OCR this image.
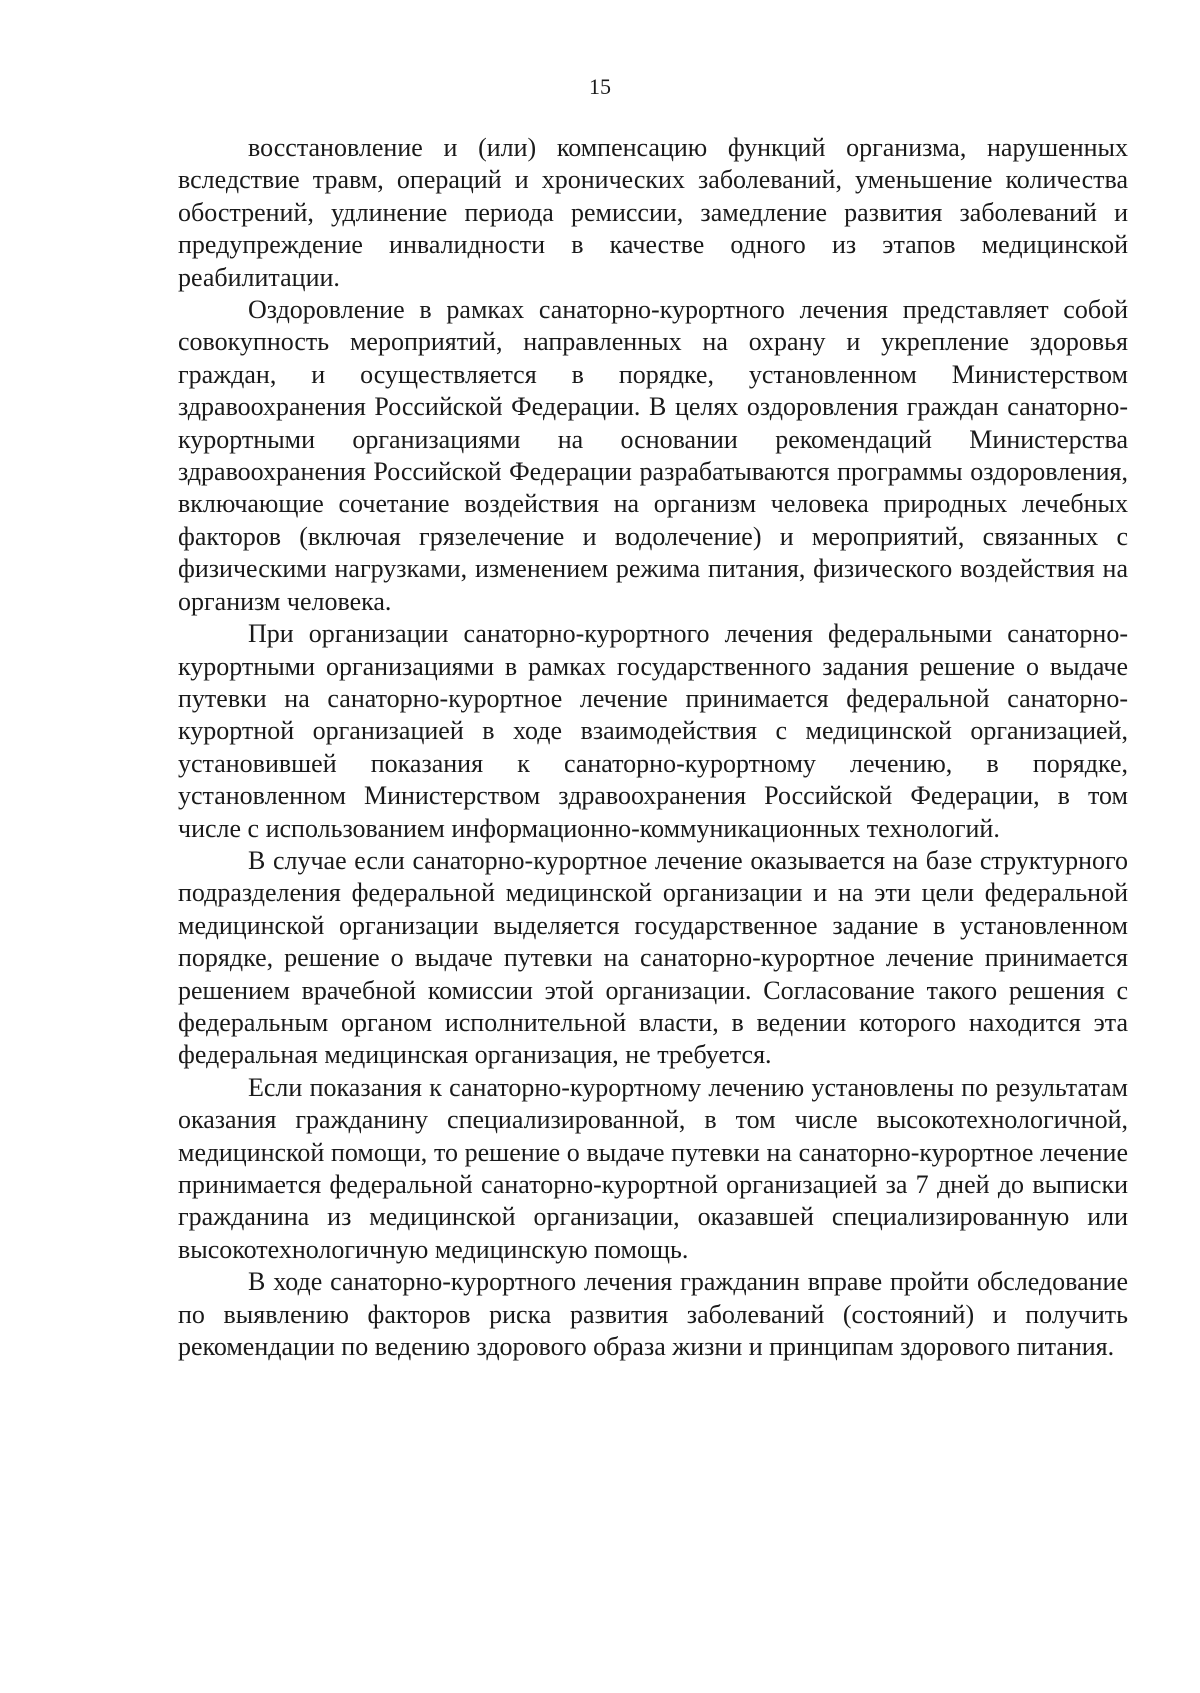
15

восстановление и (или) компенсацию функций организма, нарушенных вследствие травм, операций и хронических заболеваний, уменьшение количества обострений, удлинение периода ремиссии, замедление развития заболеваний и предупреждение инвалидности в качестве одного из этапов медицинской реабилитации.

Оздоровление в рамках санаторно-курортного лечения представляет собой совокупность мероприятий, направленных на охрану и укрепление здоровья граждан, и осуществляется в порядке, установленном Министерством здравоохранения Российской Федерации. В целях оздоровления граждан санаторно-курортными организациями на основании рекомендаций Министерства здравоохранения Российской Федерации разрабатываются программы оздоровления, включающие сочетание воздействия на организм человека природных лечебных факторов (включая грязелечение и водолечение) и мероприятий, связанных с физическими нагрузками, изменением режима питания, физического воздействия на организм человека.

При организации санаторно-курортного лечения федеральными санаторно-курортными организациями в рамках государственного задания решение о выдаче путевки на санаторно-курортное лечение принимается федеральной санаторно-курортной организацией в ходе взаимодействия с медицинской организацией, установившей показания к санаторно-курортному лечению, в порядке, установленном Министерством здравоохранения Российской Федерации, в том числе с использованием информационно-коммуникационных технологий.

В случае если санаторно-курортное лечение оказывается на базе структурного подразделения федеральной медицинской организации и на эти цели федеральной медицинской организации выделяется государственное задание в установленном порядке, решение о выдаче путевки на санаторно-курортное лечение принимается решением врачебной комиссии этой организации. Согласование такого решения с федеральным органом исполнительной власти, в ведении которого находится эта федеральная медицинская организация, не требуется.

Если показания к санаторно-курортному лечению установлены по результатам оказания гражданину специализированной, в том числе высокотехнологичной, медицинской помощи, то решение о выдаче путевки на санаторно-курортное лечение принимается федеральной санаторно-курортной организацией за 7 дней до выписки гражданина из медицинской организации, оказавшей специализированную или высокотехнологичную медицинскую помощь.

В ходе санаторно-курортного лечения гражданин вправе пройти обследование по выявлению факторов риска развития заболеваний (состояний) и получить рекомендации по ведению здорового образа жизни и принципам здорового питания.
